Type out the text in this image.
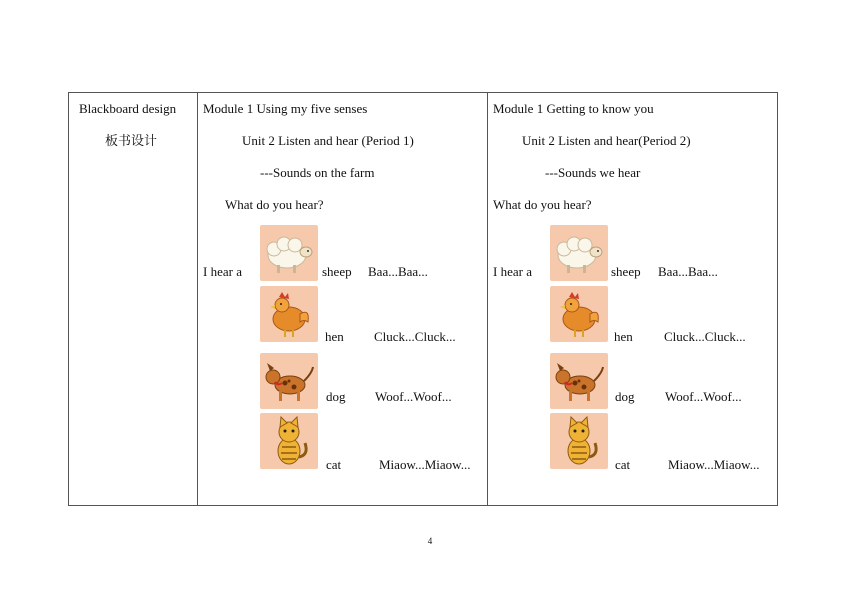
Blackboard design
板书设计
Module 1 Using my five senses
Unit 2 Listen and hear (Period 1)
---Sounds on the farm
What do you hear?
I hear a	sheep Baa...Baa...
hen Cluck...Cluck...
dog Woof...Woof...
cat	Miaow...Miaow...
Module 1 Getting to know you
Unit 2 Listen and hear(Period 2)
---Sounds we hear
What do you hear?
I hear a	sheep Baa...Baa...
hen Cluck...Cluck...
dog Woof...Woof...
cat	Miaow...Miaow...
4
